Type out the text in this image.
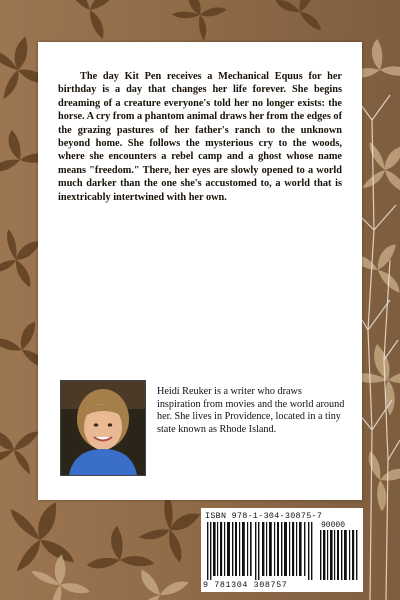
The day Kit Pen receives a Mechanical Equus for her birthday is a day that changes her life forever. She begins dreaming of a creature everyone's told her no longer exists: the horse. A cry from a phantom animal draws her from the edges of the grazing pastures of her father's ranch to the unknown beyond home. She follows the mysterious cry to the woods, where she encounters a rebel camp and a ghost whose name means "freedom." There, her eyes are slowly opened to a world much darker than the one she's accustomed to, a world that is inextricably intertwined with her own.

Heidi Reuker is a writer who draws inspiration from movies and the world around her. She lives in Providence, located in a tiny state known as Rhode Island.

ISBN 978-1-304-30875-7
90000
9 781304 308757
